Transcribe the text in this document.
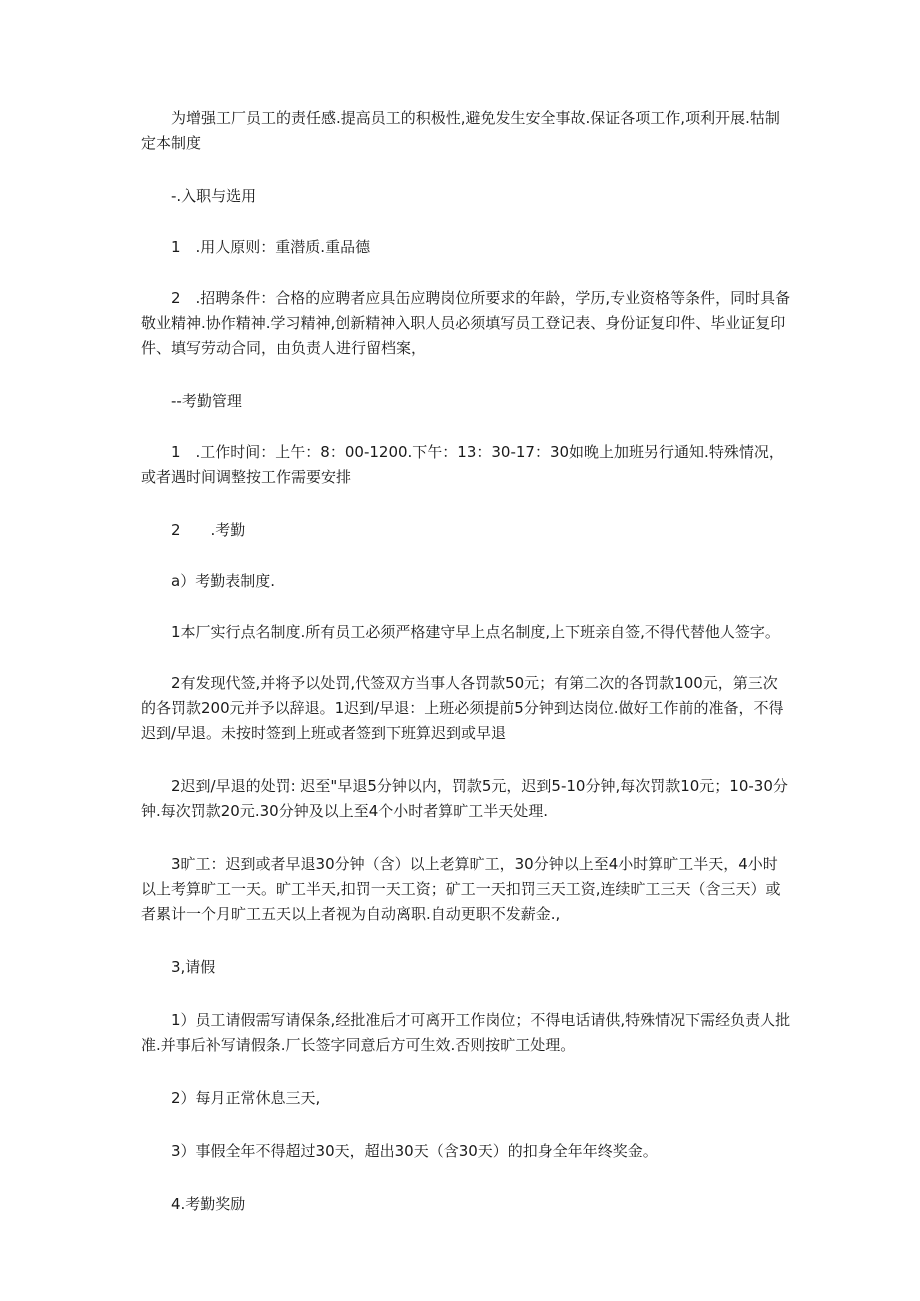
为增强工厂员工的责任感.提高员工的积极性,避免发生安全事故.保证各项工作,项利开展.牯制定本制度

-.入职与选用

1　.用人原则：重潜质.重品德

2　.招聘条件：合格的应聘者应具缶应聘岗位所要求的年龄，学历,专业资格等条件，同时具备敬业精神.协作精神.学习精神,创新精神入职人员必须填写员工登记表、身份证复印件、毕业证复印件、填写劳动合同，由负责人进行留档案，

--考勤管理

1　.工作时间：上午：8：00-1200.下午：13：30-17：30如晚上加班另行通知.特殊情况，或者遇时间调整按工作需要安排

2　　.考勤

a）考勤表制度.

1本厂实行点名制度.所有员工必须严格建守早上点名制度,上下班亲自签,不得代替他人签字。

2有发现代签,并将予以处罚,代签双方当事人各罚款50元；有第二次的各罚款100元，第三次的各罚款200元并予以辞退。1迟到/早退：上班必须提前5分钟到达岗位.做好工作前的准备，不得迟到/早退。未按时签到上班或者签到下班算迟到或早退

2迟到/早退的处罚: 迟至"早退5分钟以内，罚款5元，迟到5-10分钟,每次罚款10元；10-30分钟.每次罚款20元.30分钟及以上至4个小时者算旷工半天处理.

3旷工：迟到或者早退30分钟（含）以上老算旷工，30分钟以上至4小时算旷工半天，4小时以上考算旷工一天。旷工半天,扣罚一天工资；矿工一天扣罚三天工资,连续旷工三天（含三天）或者累计一个月旷工五天以上者视为自动离职.自动更职不发薪金.,

3,请假

1）员工请假需写请保条,经批准后才可离开工作岗位；不得电话请供,特殊情况下需经负责人批准.并事后补写请假条.厂长签字同意后方可生效.否则按旷工处理。

2）每月正常休息三天,

3）事假全年不得超过30天，超出30天（含30天）的扣身全年年终奖金。

4.考勤奖励
